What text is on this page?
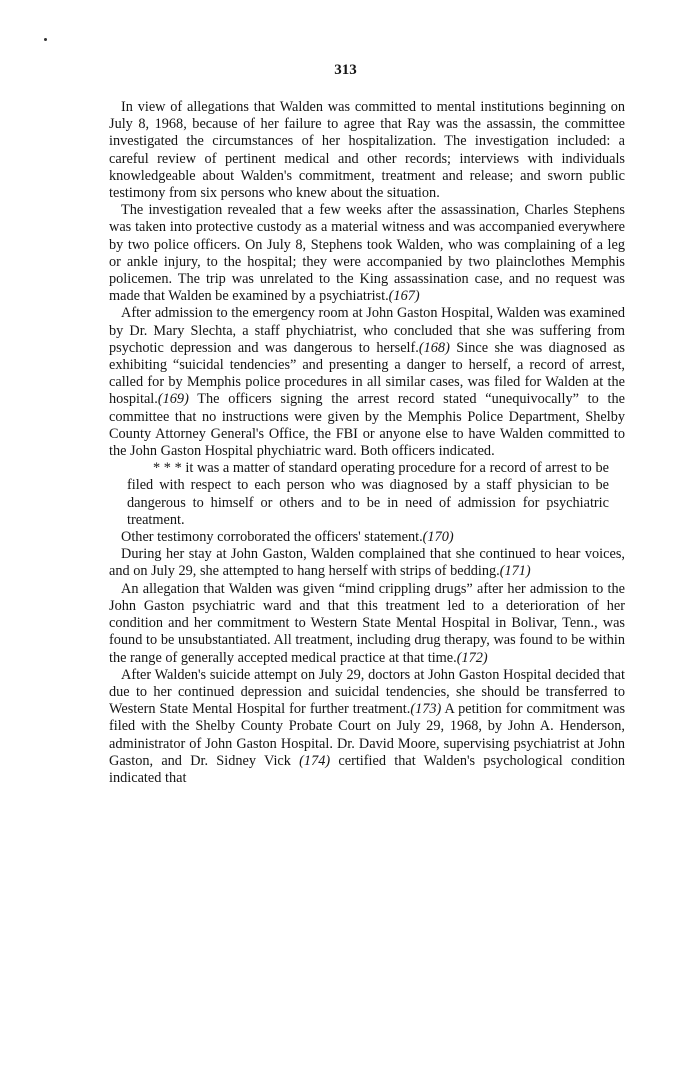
313

In view of allegations that Walden was committed to mental institutions beginning on July 8, 1968, because of her failure to agree that Ray was the assassin, the committee investigated the circumstances of her hospitalization. The investigation included: a careful review of pertinent medical and other records; interviews with individuals knowledgeable about Walden's commitment, treatment and release; and sworn public testimony from six persons who knew about the situation.

The investigation revealed that a few weeks after the assassination, Charles Stephens was taken into protective custody as a material witness and was accompanied everywhere by two police officers. On July 8, Stephens took Walden, who was complaining of a leg or ankle injury, to the hospital; they were accompanied by two plainclothes Memphis policemen. The trip was unrelated to the King assassination case, and no request was made that Walden be examined by a psychiatrist.(167)

After admission to the emergency room at John Gaston Hospital, Walden was examined by Dr. Mary Slechta, a staff phychiatrist, who concluded that she was suffering from psychotic depression and was dangerous to herself.(168) Since she was diagnosed as exhibiting “suicidal tendencies” and presenting a danger to herself, a record of arrest, called for by Memphis police procedures in all similar cases, was filed for Walden at the hospital.(169) The officers signing the arrest record stated “unequivocally” to the committee that no instructions were given by the Memphis Police Department, Shelby County Attorney General's Office, the FBI or anyone else to have Walden committed to the John Gaston Hospital phychiatric ward. Both officers indicated.

* * * it was a matter of standard operating procedure for a record of arrest to be filed with respect to each person who was diagnosed by a staff physician to be dangerous to himself or others and to be in need of admission for psychiatric treatment.

Other testimony corroborated the officers' statement.(170)

During her stay at John Gaston, Walden complained that she continued to hear voices, and on July 29, she attempted to hang herself with strips of bedding.(171)

An allegation that Walden was given “mind crippling drugs” after her admission to the John Gaston psychiatric ward and that this treatment led to a deterioration of her condition and her commitment to Western State Mental Hospital in Bolivar, Tenn., was found to be unsubstantiated. All treatment, including drug therapy, was found to be within the range of generally accepted medical practice at that time.(172)

After Walden's suicide attempt on July 29, doctors at John Gaston Hospital decided that due to her continued depression and suicidal tendencies, she should be transferred to Western State Mental Hospital for further treatment.(173) A petition for commitment was filed with the Shelby County Probate Court on July 29, 1968, by John A. Henderson, administrator of John Gaston Hospital. Dr. David Moore, supervising psychiatrist at John Gaston, and Dr. Sidney Vick (174) certified that Walden's psychological condition indicated that
